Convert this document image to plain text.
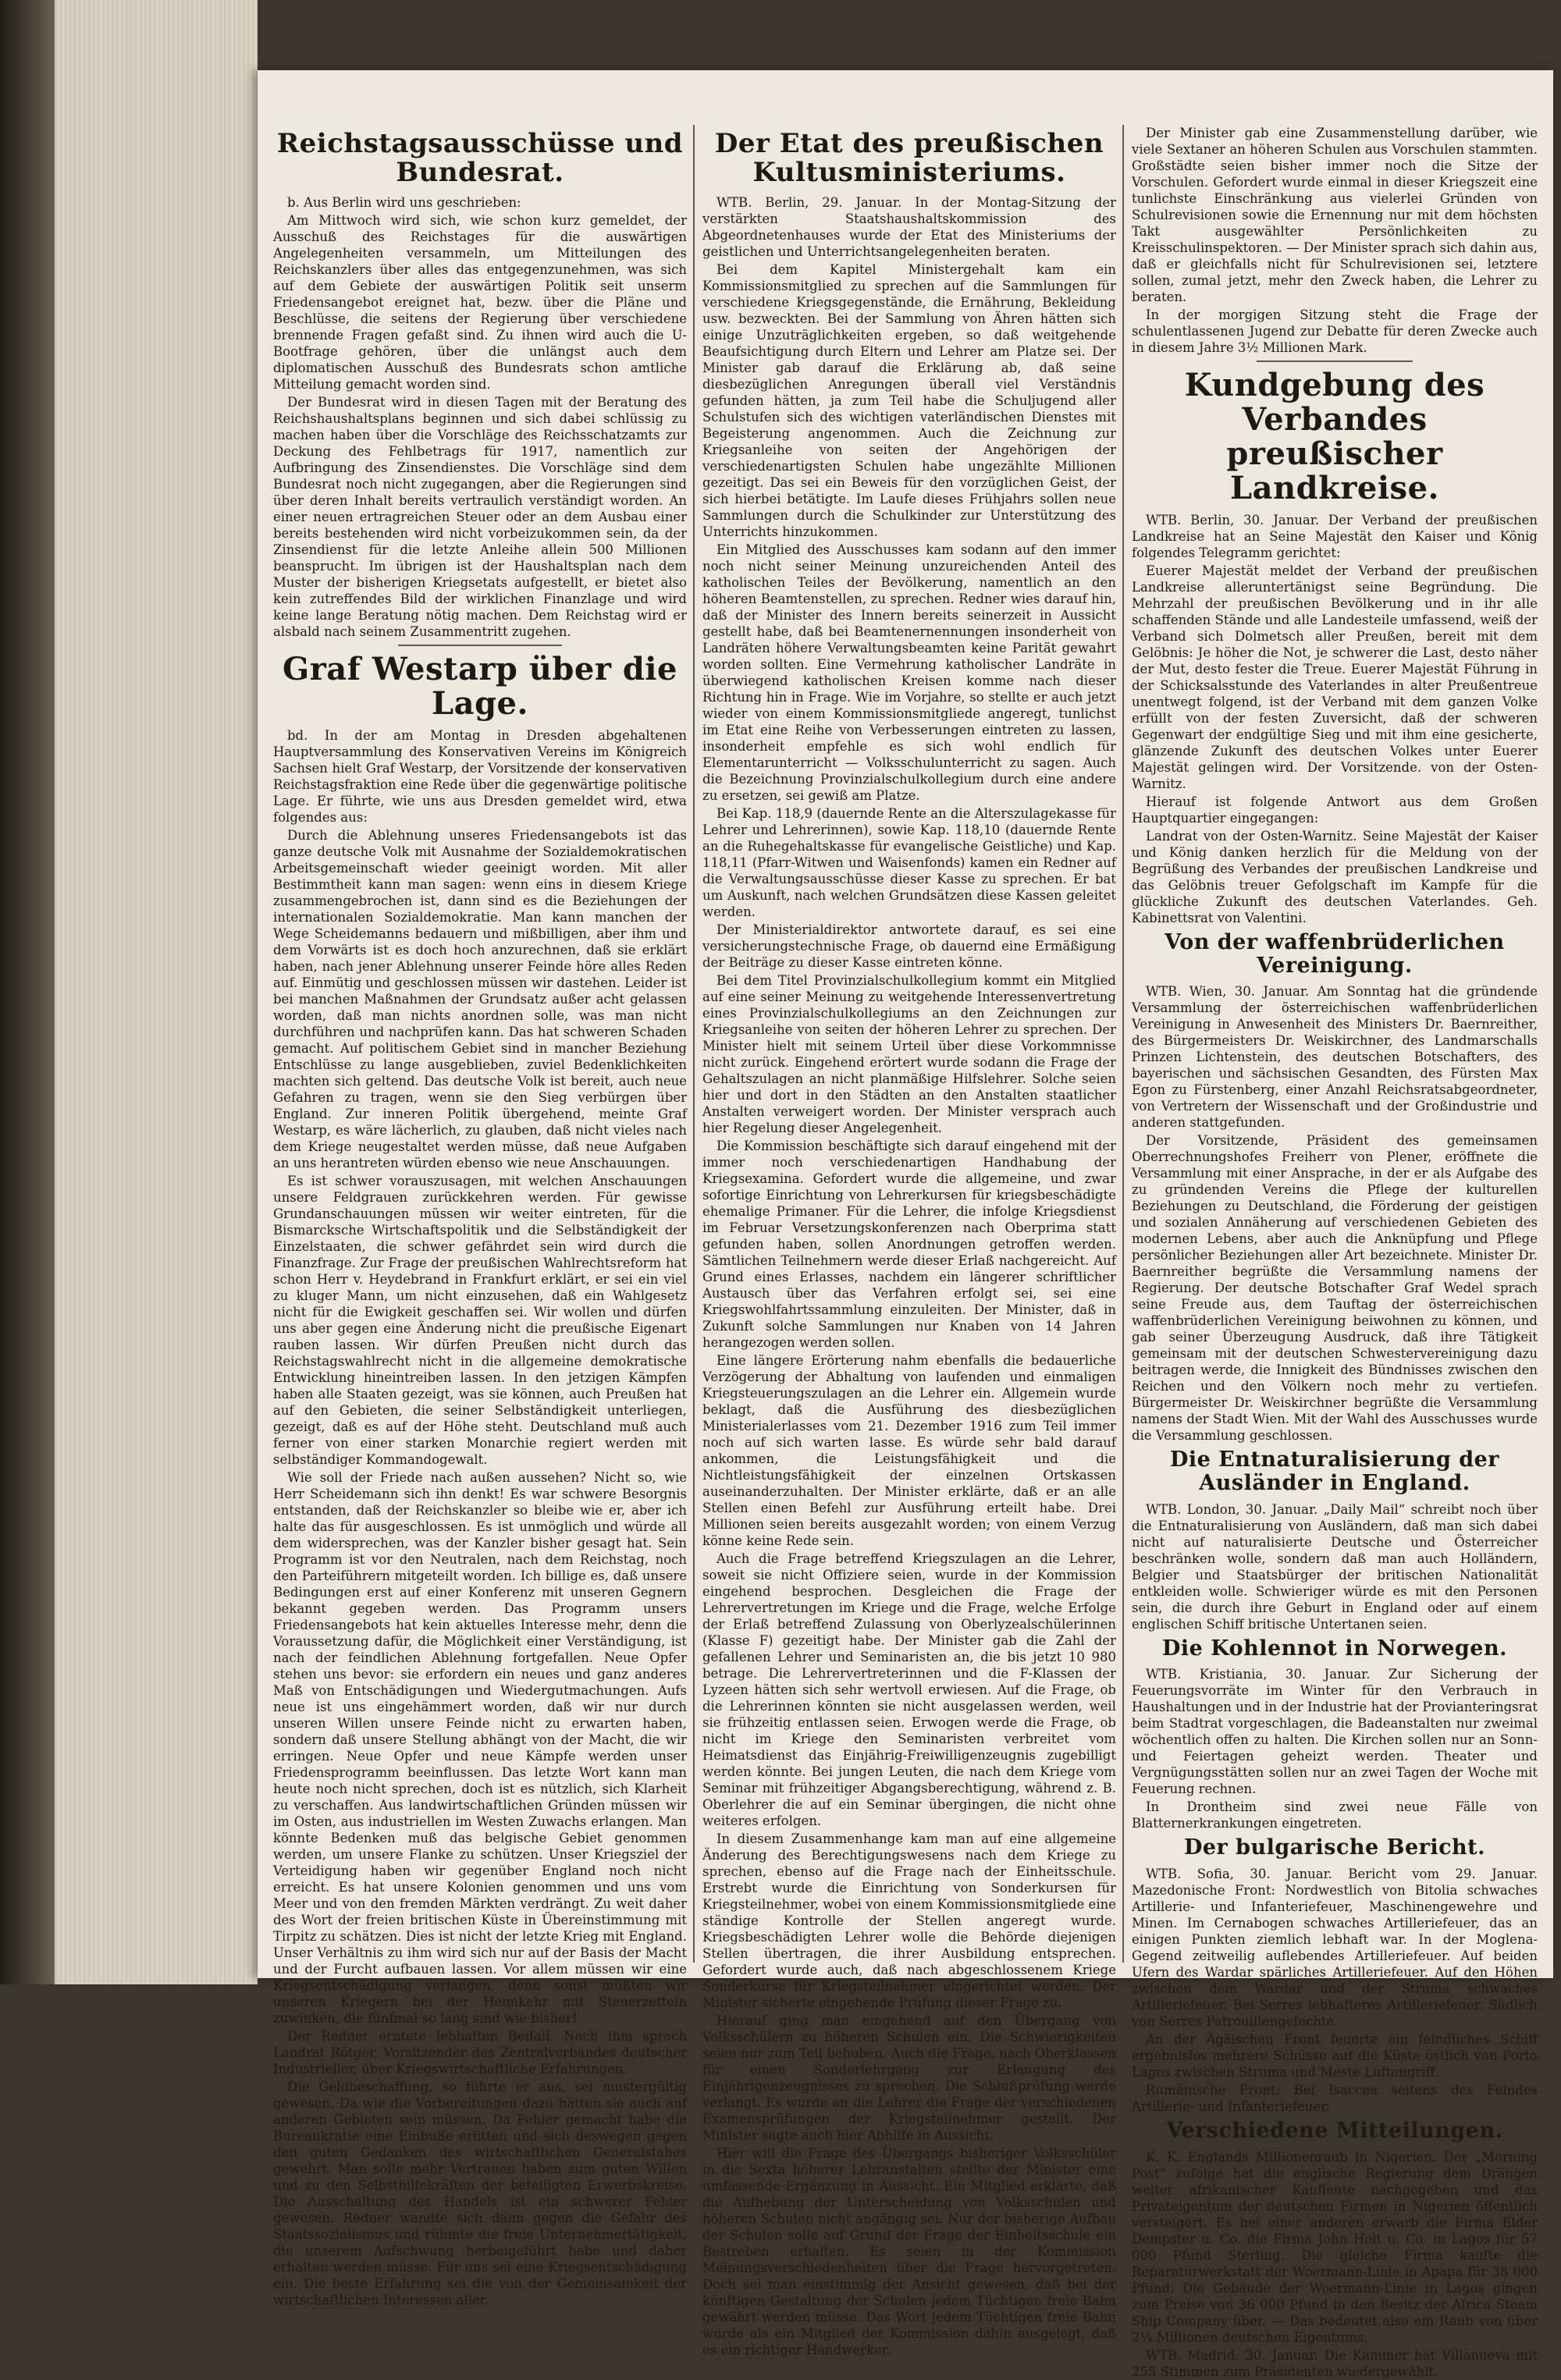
Reichstagsausschüsse und Bundesrat.

b. Aus Berlin wird uns geschrieben:

Am Mittwoch wird sich, wie schon kurz gemeldet, der Ausschuß des Reichstages für die auswärtigen Angelegenheiten versammeln, um Mitteilungen des Reichskanzlers über alles das entgegenzunehmen, was sich auf dem Gebiete der auswärtigen Politik seit unserm Friedensangebot ereignet hat, bezw. über die Pläne und Beschlüsse, die seitens der Regierung über verschiedene brennende Fragen gefaßt sind. Zu ihnen wird auch die U-Bootfrage gehören, über die unlängst auch dem diplomatischen Ausschuß des Bundesrats schon amtliche Mitteilung gemacht worden sind.

Der Bundesrat wird in diesen Tagen mit der Beratung des Reichshaushaltsplans beginnen und sich dabei schlüssig zu machen haben über die Vorschläge des Reichsschatzamts zur Deckung des Fehlbetrags für 1917, namentlich zur Aufbringung des Zinsendienstes. Die Vorschläge sind dem Bundesrat noch nicht zugegangen, aber die Regierungen sind über deren Inhalt bereits vertraulich verständigt worden. An einer neuen ertragreichen Steuer oder an dem Ausbau einer bereits bestehenden wird nicht vorbeizukommen sein, da der Zinsendienst für die letzte Anleihe allein 500 Millionen beansprucht. Im übrigen ist der Haushaltsplan nach dem Muster der bisherigen Kriegsetats aufgestellt, er bietet also kein zutreffendes Bild der wirklichen Finanzlage und wird keine lange Beratung nötig machen. Dem Reichstag wird er alsbald nach seinem Zusammentritt zugehen.

Graf Westarp über die Lage.

bd. In der am Montag in Dresden abgehaltenen Hauptversammlung des Konservativen Vereins im Königreich Sachsen hielt Graf Westarp, der Vorsitzende der konservativen Reichstagsfraktion eine Rede über die gegenwärtige politische Lage. Er führte, wie uns aus Dresden gemeldet wird, etwa folgendes aus:

Durch die Ablehnung unseres Friedensangebots ist das ganze deutsche Volk mit Ausnahme der Sozialdemokratischen Arbeitsgemeinschaft wieder geeinigt worden. Mit aller Bestimmtheit kann man sagen: wenn eins in diesem Kriege zusammengebrochen ist, dann sind es die Beziehungen der internationalen Sozialdemokratie. Man kann manchen der Wege Scheidemanns bedauern und mißbilligen, aber ihm und dem Vorwärts ist es doch hoch anzurechnen, daß sie erklärt haben, nach jener Ablehnung unserer Feinde höre alles Reden auf. Einmütig und geschlossen müssen wir dastehen. Leider ist bei manchen Maßnahmen der Grundsatz außer acht gelassen worden, daß man nichts anordnen solle, was man nicht durchführen und nachprüfen kann. Das hat schweren Schaden gemacht. Auf politischem Gebiet sind in mancher Beziehung Entschlüsse zu lange ausgeblieben, zuviel Bedenklichkeiten machten sich geltend. Das deutsche Volk ist bereit, auch neue Gefahren zu tragen, wenn sie den Sieg verbürgen über England. Zur inneren Politik übergehend, meinte Graf Westarp, es wäre lächerlich, zu glauben, daß nicht vieles nach dem Kriege neugestaltet werden müsse, daß neue Aufgaben an uns herantreten würden ebenso wie neue Anschauungen.

Es ist schwer vorauszusagen, mit welchen Anschauungen unsere Feldgrauen zurückkehren werden. Für gewisse Grundanschauungen müssen wir weiter eintreten, für die Bismarcksche Wirtschaftspolitik und die Selbständigkeit der Einzelstaaten, die schwer gefährdet sein wird durch die Finanzfrage. Zur Frage der preußischen Wahlrechtsreform hat schon Herr v. Heydebrand in Frankfurt erklärt, er sei ein viel zu kluger Mann, um nicht einzusehen, daß ein Wahlgesetz nicht für die Ewigkeit geschaffen sei. Wir wollen und dürfen uns aber gegen eine Änderung nicht die preußische Eigenart rauben lassen. Wir dürfen Preußen nicht durch das Reichstagswahlrecht nicht in die allgemeine demokratische Entwicklung hineintreiben lassen. In den jetzigen Kämpfen haben alle Staaten gezeigt, was sie können, auch Preußen hat auf den Gebieten, die seiner Selbständigkeit unterliegen, gezeigt, daß es auf der Höhe steht. Deutschland muß auch ferner von einer starken Monarchie regiert werden mit selbständiger Kommandogewalt.

Wie soll der Friede nach außen aussehen? Nicht so, wie Herr Scheidemann sich ihn denkt! Es war schwere Besorgnis entstanden, daß der Reichskanzler so bleibe wie er, aber ich halte das für ausgeschlossen. Es ist unmöglich und würde all dem widersprechen, was der Kanzler bisher gesagt hat. Sein Programm ist vor den Neutralen, nach dem Reichstag, noch den Parteiführern mitgeteilt worden. Ich billige es, daß unsere Bedingungen erst auf einer Konferenz mit unseren Gegnern bekannt gegeben werden. Das Programm unsers Friedensangebots hat kein aktuelles Interesse mehr, denn die Voraussetzung dafür, die Möglichkeit einer Verständigung, ist nach der feindlichen Ablehnung fortgefallen. Neue Opfer stehen uns bevor: sie erfordern ein neues und ganz anderes Maß von Entschädigungen und Wiedergutmachungen. Aufs neue ist uns eingehämmert worden, daß wir nur durch unseren Willen unsere Feinde nicht zu erwarten haben, sondern daß unsere Stellung abhängt von der Macht, die wir erringen. Neue Opfer und neue Kämpfe werden unser Friedensprogramm beeinflussen. Das letzte Wort kann man heute noch nicht sprechen, doch ist es nützlich, sich Klarheit zu verschaffen. Aus landwirtschaftlichen Gründen müssen wir im Osten, aus industriellen im Westen Zuwachs erlangen. Man könnte Bedenken muß das belgische Gebiet genommen werden, um unsere Flanke zu schützen. Unser Kriegsziel der Verteidigung haben wir gegenüber England noch nicht erreicht. Es hat unsere Kolonien genommen und uns vom Meer und von den fremden Märkten verdrängt. Zu weit daher des Wort der freien britischen Küste in Übereinstimmung mit Tirpitz zu schätzen. Dies ist nicht der letzte Krieg mit England. Unser Verhältnis zu ihm wird sich nur auf der Basis der Macht und der Furcht aufbauen lassen. Vor allem müssen wir eine Kriegsentschädigung verlangen, denn sonst müßten wir unseren Kriegern bei der Heimkehr mit Steuerzetteln zuwinken, die fünfmal so lang sind wie bisher!

Der Redner erntete lebhaften Beifall. Nach ihm sprach Landrat Rötger, Vorsitzender des Zentralverbandes deutscher Industrieller, über Kriegswirtschaftliche Erfahrungen.

Die Geldbeschaffung, so führte er aus, sei mustergültig gewesen. Da wie die Vorbereitungen dazu hätten sie auch auf anderen Gebieten sein müssen. Da Fehler gemacht habe die Bureaukratie eine Einbuße erlitten und sich deswegen gegen den guten Gedanken des wirtschaftlichen Generalstabes gewehrt. Man solle mehr Vertrauen haben zum guten Willen und zu den Selbsthilfekräften der beteiligten Erwerbskreise. Die Ausschaltung des Handels ist ein schwerer Fehler gewesen. Redner wandte sich dann gegen die Gefahr des Staatssozialismus und rühmte die freie Unternehmertätigkeit, die unserem Aufschwung herbeigeführt habe und daher erhalten werden müsse. Für uns sei eine Kriegsentschädigung ein. Die beste Erfahrung sei die von der Gemeinsamkeit der wirtschaftlichen Interessen aller.

Der Etat des preußischen Kultusministeriums.

WTB. Berlin, 29. Januar. In der Montag-Sitzung der verstärkten Staatshaushaltskommission des Abgeordnetenhauses wurde der Etat des Ministeriums der geistlichen und Unterrichtsangelegenheiten beraten.

Bei dem Kapitel Ministergehalt kam ein Kommissionsmitglied zu sprechen auf die Sammlungen für verschiedene Kriegsgegenstände, die Ernährung, Bekleidung usw. bezweckten. Bei der Sammlung von Ähren hätten sich einige Unzuträglichkeiten ergeben, so daß weitgehende Beaufsichtigung durch Eltern und Lehrer am Platze sei. Der Minister gab darauf die Erklärung ab, daß seine diesbezüglichen Anregungen überall viel Verständnis gefunden hätten, ja zum Teil habe die Schuljugend aller Schulstufen sich des wichtigen vaterländischen Dienstes mit Begeisterung angenommen. Auch die Zeichnung zur Kriegsanleihe von seiten der Angehörigen der verschiedenartigsten Schulen habe ungezählte Millionen gezeitigt. Das sei ein Beweis für den vorzüglichen Geist, der sich hierbei betätigte. Im Laufe dieses Frühjahrs sollen neue Sammlungen durch die Schulkinder zur Unterstützung des Unterrichts hinzukommen.

Ein Mitglied des Ausschusses kam sodann auf den immer noch nicht seiner Meinung unzureichenden Anteil des katholischen Teiles der Bevölkerung, namentlich an den höheren Beamtenstellen, zu sprechen. Redner wies darauf hin, daß der Minister des Innern bereits seinerzeit in Aussicht gestellt habe, daß bei Beamtenernennungen insonderheit von Landräten höhere Verwaltungsbeamten keine Parität gewahrt worden sollten. Eine Vermehrung katholischer Landräte in überwiegend katholischen Kreisen komme nach dieser Richtung hin in Frage. Wie im Vorjahre, so stellte er auch jetzt wieder von einem Kommissionsmitgliede angeregt, tunlichst im Etat eine Reihe von Verbesserungen eintreten zu lassen, insonderheit empfehle es sich wohl endlich für Elementarunterricht — Volksschulunterricht zu sagen. Auch die Bezeichnung Provinzialschulkollegium durch eine andere zu ersetzen, sei gewiß am Platze.

Bei Kap. 118,9 (dauernde Rente an die Alterszulagekasse für Lehrer und Lehrerinnen), sowie Kap. 118,10 (dauernde Rente an die Ruhegehaltskasse für evangelische Geistliche) und Kap. 118,11 (Pfarr-Witwen und Waisenfonds) kamen ein Redner auf die Verwaltungsausschüsse dieser Kasse zu sprechen. Er bat um Auskunft, nach welchen Grundsätzen diese Kassen geleitet werden.

Der Ministerialdirektor antwortete darauf, es sei eine versicherungstechnische Frage, ob dauernd eine Ermäßigung der Beiträge zu dieser Kasse eintreten könne.

Bei dem Titel Provinzialschulkollegium kommt ein Mitglied auf eine seiner Meinung zu weitgehende Interessenvertretung eines Provinzialschulkollegiums an den Zeichnungen zur Kriegsanleihe von seiten der höheren Lehrer zu sprechen. Der Minister hielt mit seinem Urteil über diese Vorkommnisse nicht zurück. Eingehend erörtert wurde sodann die Frage der Gehaltszulagen an nicht planmäßige Hilfslehrer. Solche seien hier und dort in den Städten an den Anstalten staatlicher Anstalten verweigert worden. Der Minister versprach auch hier Regelung dieser Angelegenheit.

Die Kommission beschäftigte sich darauf eingehend mit der immer noch verschiedenartigen Handhabung der Kriegsexamina. Gefordert wurde die allgemeine, und zwar sofortige Einrichtung von Lehrerkursen für kriegsbeschädigte ehemalige Primaner. Für die Lehrer, die infolge Kriegsdienst im Februar Versetzungskonferenzen nach Oberprima statt gefunden haben, sollen Anordnungen getroffen werden. Sämtlichen Teilnehmern werde dieser Erlaß nachgereicht. Auf Grund eines Erlasses, nachdem ein längerer schriftlicher Austausch über das Verfahren erfolgt sei, sei eine Kriegswohlfahrtssammlung einzuleiten. Der Minister, daß in Zukunft solche Sammlungen nur Knaben von 14 Jahren herangezogen werden sollen.

Eine längere Erörterung nahm ebenfalls die bedauerliche Verzögerung der Abhaltung von laufenden und einmaligen Kriegsteuerungszulagen an die Lehrer ein. Allgemein wurde beklagt, daß die Ausführung des diesbezüglichen Ministerialerlasses vom 21. Dezember 1916 zum Teil immer noch auf sich warten lasse. Es würde sehr bald darauf ankommen, die Leistungsfähigkeit und die Nichtleistungsfähigkeit der einzelnen Ortskassen auseinanderzuhalten. Der Minister erklärte, daß er an alle Stellen einen Befehl zur Ausführung erteilt habe. Drei Millionen seien bereits ausgezahlt worden; von einem Verzug könne keine Rede sein.

Auch die Frage betreffend Kriegszulagen an die Lehrer, soweit sie nicht Offiziere seien, wurde in der Kommission eingehend besprochen. Desgleichen die Frage der Lehrervertretungen im Kriege und die Frage, welche Erfolge der Erlaß betreffend Zulassung von Oberlyzealschülerinnen (Klasse F) gezeitigt habe. Der Minister gab die Zahl der gefallenen Lehrer und Seminaristen an, die bis jetzt 10 980 betrage. Die Lehrervertreterinnen und die F-Klassen der Lyzeen hätten sich sehr wertvoll erwiesen. Auf die Frage, ob die Lehrerinnen könnten sie nicht ausgelassen werden, weil sie frühzeitig entlassen seien. Erwogen werde die Frage, ob nicht im Kriege den Seminaristen verbreitet vom Heimatsdienst das Einjährig-Freiwilligenzeugnis zugebilligt werden könnte. Bei jungen Leuten, die nach dem Kriege vom Seminar mit frühzeitiger Abgangsberechtigung, während z. B. Oberlehrer die auf ein Seminar übergingen, die nicht ohne weiteres erfolgen.

In diesem Zusammenhange kam man auf eine allgemeine Änderung des Berechtigungswesens nach dem Kriege zu sprechen, ebenso auf die Frage nach der Einheitsschule. Erstrebt wurde die Einrichtung von Sonderkursen für Kriegsteilnehmer, wobei von einem Kommissionsmitgliede eine ständige Kontrolle der Stellen angeregt wurde. Kriegsbeschädigten Lehrer wolle die Behörde diejenigen Stellen übertragen, die ihrer Ausbildung entsprechen. Gefordert wurde auch, daß nach abgeschlossenem Kriege Sonderkurse für Kriegsteilnehmer eingerichtet werden. Der Minister sicherte eingehende Prüfung dieser Frage zu.

Hierauf ging man eingehend auf den Übergang von Volksschülern zu höheren Schulen ein. Die Schwierigkeiten seien nur zum Teil behoben. Auch die Frage, nach Oberklassen für einen Sonderlehrgang zur Erlangung des Einjährigenzeugnisses zu sprechen. Die Schlußprüfung werde verlangt. Es wurde an die Lehrer die Frage der verschiedenen Examensprüfungen der Kriegsteilnehmer gestellt. Der Minister sagte auch hier Abhilfe in Aussicht.

Hier will die Frage des Übergangs bisheriger Volksschüler in die Sexta höherer Lehranstalten stellte der Minister eine umfassende Ergänzung in Aussicht. Ein Mitglied erklärte, daß die Aufhebung der Unterscheidung von Volksschulen und höheren Schulen nicht angängig sei. Nur der bisherige Aufbau der Schulen solle auf Grund der Frage der Einheitsschule ein Bestreben erhalten. Es seien in der Kommission Meinungsverschiedenheiten über die Frage hervorgetreten. Doch sei man einstimmig der Ansicht gewesen, daß bei der künftigen Gestaltung der Schulen jedem Tüchtigen freie Bahn gewährt werden müsse. Das Wort jedem Tüchtigen freie Bahn wurde als ein Mitglied der Kommission dahin ausgelegt, daß es ein richtiger Handwerker.

Der Minister gab eine Zusammenstellung darüber, wie viele Sextaner an höheren Schulen aus Vorschulen stammten. Großstädte seien bisher immer noch die Sitze der Vorschulen. Gefordert wurde einmal in dieser Kriegszeit eine tunlichste Einschränkung aus vielerlei Gründen von Schulrevisionen sowie die Ernennung nur mit dem höchsten Takt ausgewählter Persönlichkeiten zu Kreisschulinspektoren. — Der Minister sprach sich dahin aus, daß er gleichfalls nicht für Schulrevisionen sei, letztere sollen, zumal jetzt, mehr den Zweck haben, die Lehrer zu beraten.

In der morgigen Sitzung steht die Frage der schulentlassenen Jugend zur Debatte für deren Zwecke auch in diesem Jahre 3½ Millionen Mark.

Kundgebung des Verbandes preußischer Landkreise.

WTB. Berlin, 30. Januar. Der Verband der preußischen Landkreise hat an Seine Majestät den Kaiser und König folgendes Telegramm gerichtet:

Euerer Majestät meldet der Verband der preußischen Landkreise alleruntertänigst seine Begründung. Die Mehrzahl der preußischen Bevölkerung und in ihr alle schaffenden Stände und alle Landesteile umfassend, weiß der Verband sich Dolmetsch aller Preußen, bereit mit dem Gelöbnis: Je höher die Not, je schwerer die Last, desto näher der Mut, desto fester die Treue. Euerer Majestät Führung in der Schicksalsstunde des Vaterlandes in alter Preußentreue unentwegt folgend, ist der Verband mit dem ganzen Volke erfüllt von der festen Zuversicht, daß der schweren Gegenwart der endgültige Sieg und mit ihm eine gesicherte, glänzende Zukunft des deutschen Volkes unter Euerer Majestät gelingen wird. Der Vorsitzende. von der Osten-Warnitz.

Hierauf ist folgende Antwort aus dem Großen Hauptquartier eingegangen:

Landrat von der Osten-Warnitz. Seine Majestät der Kaiser und König danken herzlich für die Meldung von der Begrüßung des Verbandes der preußischen Landkreise und das Gelöbnis treuer Gefolgschaft im Kampfe für die glückliche Zukunft des deutschen Vaterlandes. Geh. Kabinettsrat von Valentini.

Von der waffenbrüderlichen Vereinigung.

WTB. Wien, 30. Januar. Am Sonntag hat die gründende Versammlung der österreichischen waffenbrüderlichen Vereinigung in Anwesenheit des Ministers Dr. Baernreither, des Bürgermeisters Dr. Weiskirchner, des Landmarschalls Prinzen Lichtenstein, des deutschen Botschafters, des bayerischen und sächsischen Gesandten, des Fürsten Max Egon zu Fürstenberg, einer Anzahl Reichsratsabgeordneter, von Vertretern der Wissenschaft und der Großindustrie und anderen stattgefunden.

Der Vorsitzende, Präsident des gemeinsamen Oberrechnungshofes Freiherr von Plener, eröffnete die Versammlung mit einer Ansprache, in der er als Aufgabe des zu gründenden Vereins die Pflege der kulturellen Beziehungen zu Deutschland, die Förderung der geistigen und sozialen Annäherung auf verschiedenen Gebieten des modernen Lebens, aber auch die Anknüpfung und Pflege persönlicher Beziehungen aller Art bezeichnete. Minister Dr. Baernreither begrüßte die Versammlung namens der Regierung. Der deutsche Botschafter Graf Wedel sprach seine Freude aus, dem Tauftag der österreichischen waffenbrüderlichen Vereinigung beiwohnen zu können, und gab seiner Überzeugung Ausdruck, daß ihre Tätigkeit gemeinsam mit der deutschen Schwestervereinigung dazu beitragen werde, die Innigkeit des Bündnisses zwischen den Reichen und den Völkern noch mehr zu vertiefen. Bürgermeister Dr. Weiskirchner begrüßte die Versammlung namens der Stadt Wien. Mit der Wahl des Ausschusses wurde die Versammlung geschlossen.

Die Entnaturalisierung der Ausländer in England.

WTB. London, 30. Januar. „Daily Mail“ schreibt noch über die Entnaturalisierung von Ausländern, daß man sich dabei nicht auf naturalisierte Deutsche und Österreicher beschränken wolle, sondern daß man auch Holländern, Belgier und Staatsbürger der britischen Nationalität entkleiden wolle. Schwieriger würde es mit den Personen sein, die durch ihre Geburt in England oder auf einem englischen Schiff britische Untertanen seien.

Die Kohlennot in Norwegen.

WTB. Kristiania, 30. Januar. Zur Sicherung der Feuerungsvorräte im Winter für den Verbrauch in Haushaltungen und in der Industrie hat der Provianteringsrat beim Stadtrat vorgeschlagen, die Badeanstalten nur zweimal wöchentlich offen zu halten. Die Kirchen sollen nur an Sonn- und Feiertagen geheizt werden. Theater und Vergnügungsstätten sollen nur an zwei Tagen der Woche mit Feuerung rechnen.

In Drontheim sind zwei neue Fälle von Blatternerkrankungen eingetreten.

Der bulgarische Bericht.

WTB. Sofia, 30. Januar. Bericht vom 29. Januar. Mazedonische Front: Nordwestlich von Bitolia schwaches Artillerie- und Infanteriefeuer, Maschinengewehre und Minen. Im Cernabogen schwaches Artilleriefeuer, das an einigen Punkten ziemlich lebhaft war. In der Moglena-Gegend zeitweilig auflebendes Artilleriefeuer. Auf beiden Ufern des Wardar spärliches Artilleriefeuer. Auf den Höhen zwischen dem Wardar und der Struma schwaches Artilleriefeuer. Bei Serres lebhafteres Artilleriefeuer. Südlich von Serres Patrouillengefechte.

An der Ägäischen Front feuerte ein feindliches Schiff ergebnislos mehrere Schüsse auf die Küste östlich von Porto Lagos zwischen Struma und Meste Luftangriff.

Rumänische Front: Bei Isaccea seitens des Feindes Artillerie- und Infanteriefeuer.

Verschiedene Mitteilungen.

K. K. Englands Millionenraub in Nigerien. Der „Morning Post“ zufolge hat die englische Regierung dem Drängen weiter afrikanischer Kaufleute nachgegeben und das Privateigentum der deutschen Firmen in Nigerien öffentlich versteigert. Es bei einer anderen erwarb die Firma Elder Dempster u. Co. die Firma John Holt u. Co. in Lagos für 57 000 Pfund Sterling. Die gleiche Firma kaufte die Reparaturwerkstatt der Woermann-Linie in Apapa für 38 000 Pfund. Die Gebäude der Woermann-Linie in Lagos gingen zum Preise von 36 000 Pfund in den Besitz der Africa Steam Ship Company über. — Das bedeutet also ein Raub von über 2¼ Millionen deutschen Eigentums.

WTB. Madrid, 30. Januar. Die Kammer hat Villanueva mit 255 Stimmen zum Präsidenten wiedergewählt.
